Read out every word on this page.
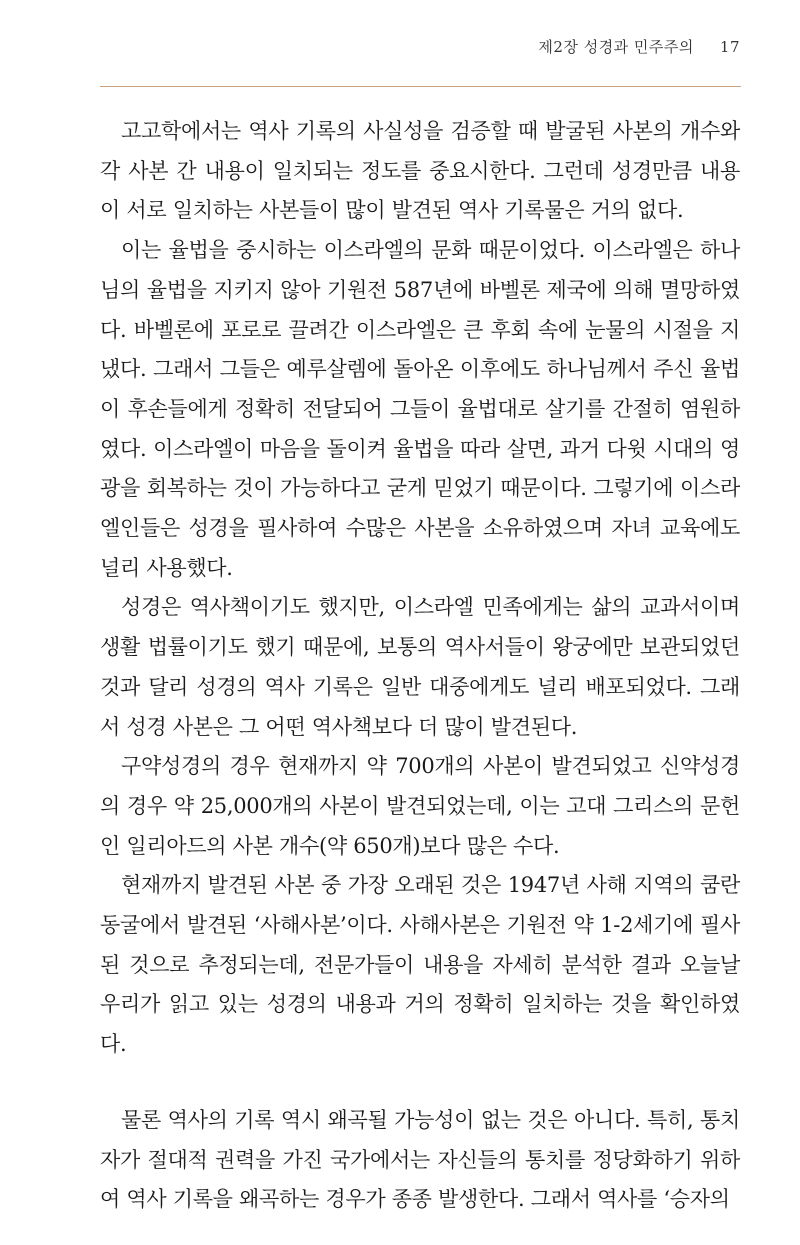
제2장 성경과 민주주의 17

고고학에서는 역사 기록의 사실성을 검증할 때 발굴된 사본의 개수와 각 사본 간 내용이 일치되는 정도를 중요시한다. 그런데 성경만큼 내용이 서로 일치하는 사본들이 많이 발견된 역사 기록물은 거의 없다.

이는 율법을 중시하는 이스라엘의 문화 때문이었다. 이스라엘은 하나님의 율법을 지키지 않아 기원전 587년에 바벨론 제국에 의해 멸망하였다. 바벨론에 포로로 끌려간 이스라엘은 큰 후회 속에 눈물의 시절을 지냈다. 그래서 그들은 예루살렘에 돌아온 이후에도 하나님께서 주신 율법이 후손들에게 정확히 전달되어 그들이 율법대로 살기를 간절히 염원하였다. 이스라엘이 마음을 돌이켜 율법을 따라 살면, 과거 다윗 시대의 영광을 회복하는 것이 가능하다고 굳게 믿었기 때문이다. 그렇기에 이스라엘인들은 성경을 필사하여 수많은 사본을 소유하였으며 자녀 교육에도 널리 사용했다.

성경은 역사책이기도 했지만, 이스라엘 민족에게는 삶의 교과서이며 생활 법률이기도 했기 때문에, 보통의 역사서들이 왕궁에만 보관되었던 것과 달리 성경의 역사 기록은 일반 대중에게도 널리 배포되었다. 그래서 성경 사본은 그 어떤 역사책보다 더 많이 발견된다.

구약성경의 경우 현재까지 약 700개의 사본이 발견되었고 신약성경의 경우 약 25,000개의 사본이 발견되었는데, 이는 고대 그리스의 문헌인 일리아드의 사본 개수(약 650개)보다 많은 수다.

현재까지 발견된 사본 중 가장 오래된 것은 1947년 사해 지역의 쿰란 동굴에서 발견된 ‘사해사본’이다. 사해사본은 기원전 약 1-2세기에 필사된 것으로 추정되는데, 전문가들이 내용을 자세히 분석한 결과 오늘날 우리가 읽고 있는 성경의 내용과 거의 정확히 일치하는 것을 확인하였다.

물론 역사의 기록 역시 왜곡될 가능성이 없는 것은 아니다. 특히, 통치자가 절대적 권력을 가진 국가에서는 자신들의 통치를 정당화하기 위하여 역사 기록을 왜곡하는 경우가 종종 발생한다. 그래서 역사를 ‘승자의
